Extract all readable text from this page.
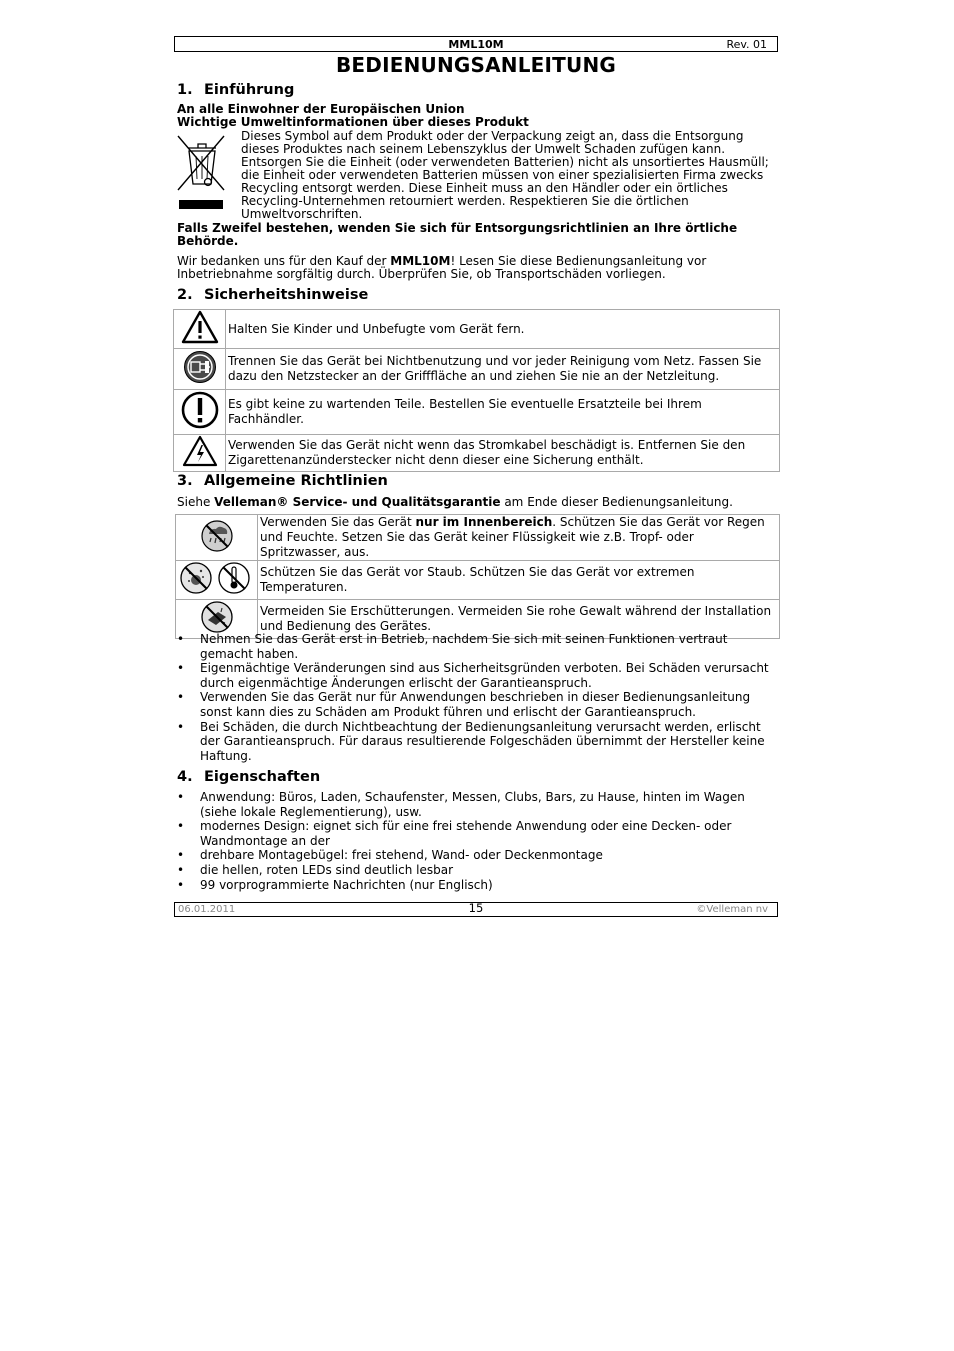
MML10M	Rev. 01
BEDIENUNGSANLEITUNG
1. Einführung
An alle Einwohner der Europäischen Union
Wichtige Umweltinformationen über dieses Produkt
Dieses Symbol auf dem Produkt oder der Verpackung zeigt an, dass die Entsorgung
dieses Produktes nach seinem Lebenszyklus der Umwelt Schaden zufügen kann.
Entsorgen Sie die Einheit (oder verwendeten Batterien) nicht als unsortiertes Hausmüll;
die Einheit oder verwendeten Batterien müssen von einer spezialisierten Firma zwecks
Recycling entsorgt werden. Diese Einheit muss an den Händler oder ein örtliches
Recycling-Unternehmen retourniert werden. Respektieren Sie die örtlichen
Umweltvorschriften.
Falls Zweifel bestehen, wenden Sie sich für Entsorgungsrichtlinien an Ihre örtliche
Behörde.
Wir bedanken uns für den Kauf der MML10M! Lesen Sie diese Bedienungsanleitung vor
Inbetriebnahme sorgfältig durch. Überprüfen Sie, ob Transportschäden vorliegen.
2. Sicherheitshinweise
	Halten Sie Kinder und Unbefugte vom Gerät fern.
	Trennen Sie das Gerät bei Nichtbenutzung und vor jeder Reinigung vom Netz. Fassen Sie dazu den Netzstecker an der Grifffläche an und ziehen Sie nie an der Netzleitung.
	Es gibt keine zu wartenden Teile. Bestellen Sie eventuelle Ersatzteile bei Ihrem Fachhändler.
	Verwenden Sie das Gerät nicht wenn das Stromkabel beschädigt is. Entfernen Sie den Zigarettenanzünderstecker nicht denn dieser eine Sicherung enthält.
3. Allgemeine Richtlinien
Siehe Velleman® Service- und Qualitätsgarantie am Ende dieser Bedienungsanleitung.
	Verwenden Sie das Gerät nur im Innenbereich. Schützen Sie das Gerät vor Regen und Feuchte. Setzen Sie das Gerät keiner Flüssigkeit wie z.B. Tropf- oder Spritzwasser, aus.
	Schützen Sie das Gerät vor Staub. Schützen Sie das Gerät vor extremen Temperaturen.
	Vermeiden Sie Erschütterungen. Vermeiden Sie rohe Gewalt während der Installation und Bedienung des Gerätes.
• Nehmen Sie das Gerät erst in Betrieb, nachdem Sie sich mit seinen Funktionen vertraut gemacht haben.
• Eigenmächtige Veränderungen sind aus Sicherheitsgründen verboten. Bei Schäden verursacht durch eigenmächtige Änderungen erlischt der Garantieanspruch.
• Verwenden Sie das Gerät nur für Anwendungen beschrieben in dieser Bedienungsanleitung sonst kann dies zu Schäden am Produkt führen und erlischt der Garantieanspruch.
• Bei Schäden, die durch Nichtbeachtung der Bedienungsanleitung verursacht werden, erlischt der Garantieanspruch. Für daraus resultierende Folgeschäden übernimmt der Hersteller keine Haftung.
4. Eigenschaften
• Anwendung: Büros, Laden, Schaufenster, Messen, Clubs, Bars, zu Hause, hinten im Wagen (siehe lokale Reglementierung), usw.
• modernes Design: eignet sich für eine frei stehende Anwendung oder eine Decken- oder Wandmontage an der
• drehbare Montagebügel: frei stehend, Wand- oder Deckenmontage
• die hellen, roten LEDs sind deutlich lesbar
• 99 vorprogrammierte Nachrichten (nur Englisch)
06.01.2011	15	©Velleman nv
